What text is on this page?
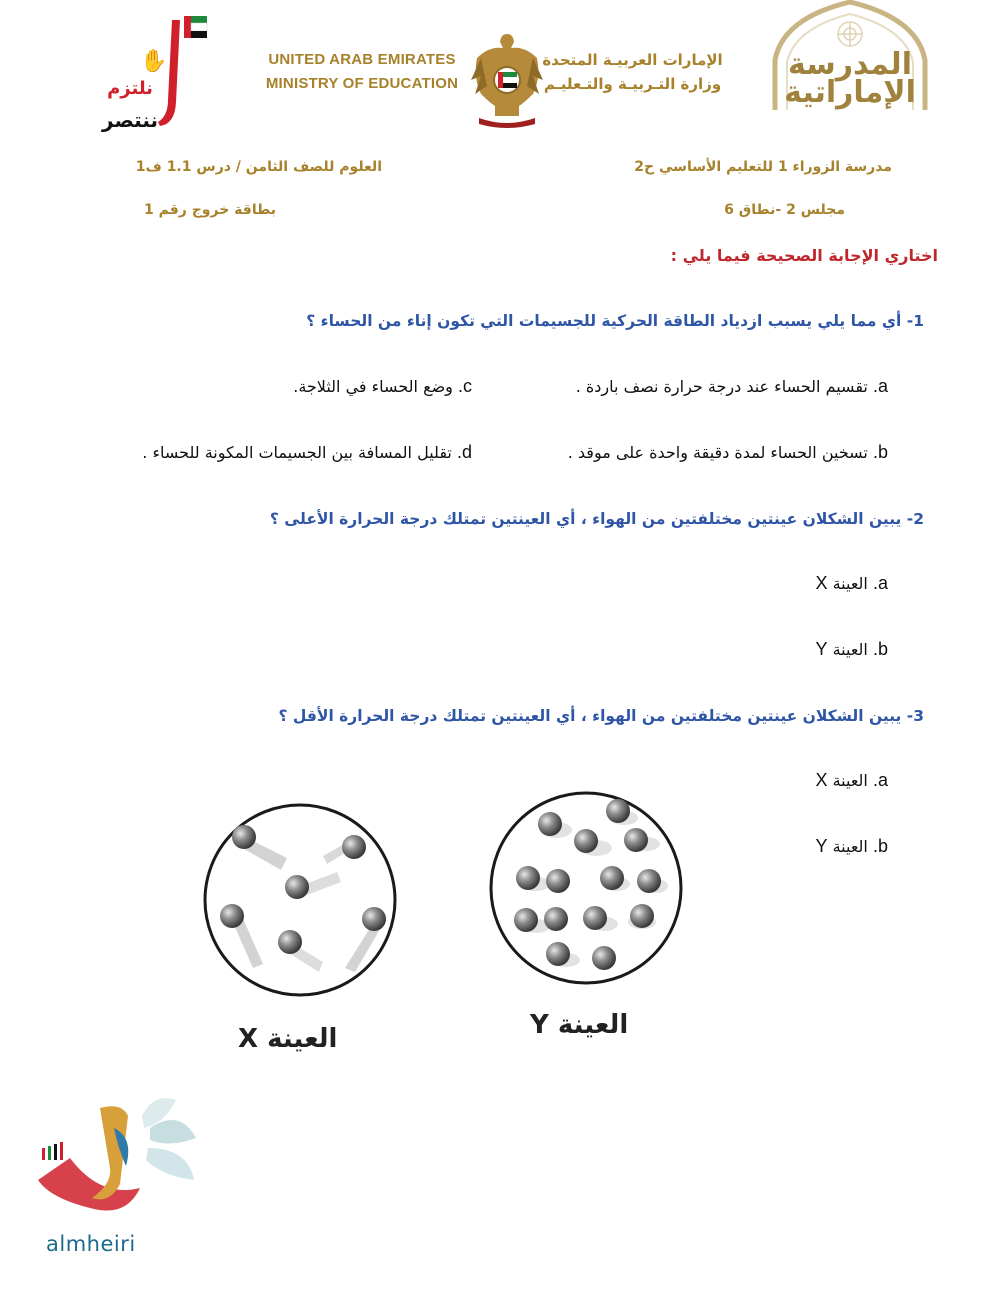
✋
نلتزم
ننتصر
UNITED ARAB EMIRATES
MINISTRY OF EDUCATION
الإمارات العربيـة المتحدة
وزارة التـربيـة والتـعليـم
المدرسة
الإماراتية
مدرسة الزوراء 1 للتعليم الأساسي ح2
العلوم للصف الثامن / درس 1.1 ف1
مجلس 2 -نطاق 6
بطاقة خروج رقم 1
اختاري الإجابة الصحيحة فيما يلي :
1- أي مما يلي يسبب ازدياد الطاقة الحركية للجسيمات التي تكون إناء من الحساء ؟
a. تقسيم الحساء عند درجة حرارة نصف باردة .
c. وضع الحساء في الثلاجة.
b. تسخين الحساء لمدة دقيقة واحدة على موقد .
d. تقليل المسافة بين الجسيمات المكونة للحساء .
2- يبين الشكلان عينتين مختلفتين من الهواء ، أي العينتين تمتلك درجة الحرارة الأعلى ؟
a. العينة X
b. العينة Y
3- يبين الشكلان عينتين مختلفتين من الهواء ، أي العينتين تمتلك درجة الحرارة الأقل ؟
a. العينة X
b. العينة Y
X العينة	Y العينة
almheiri
